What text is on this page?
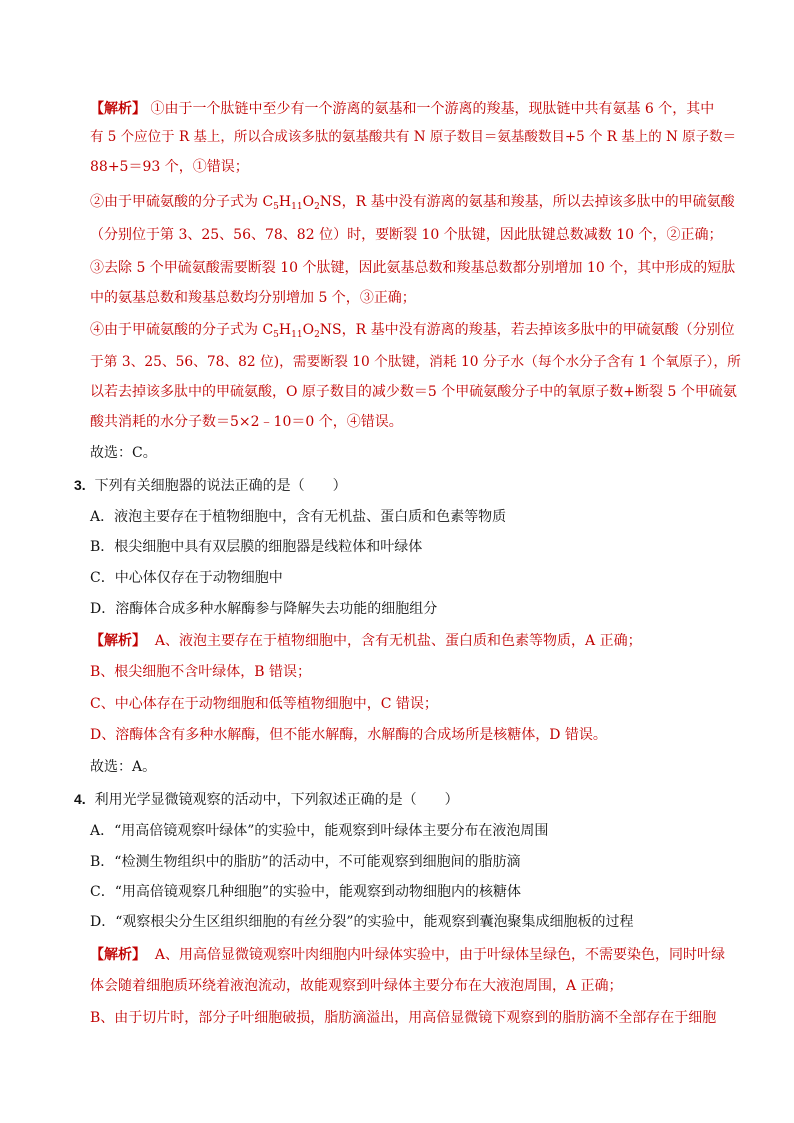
【解析】 ①由于一个肽链中至少有一个游离的氨基和一个游离的羧基，现肽链中共有氨基 6 个，其中
有 5 个应位于 R 基上，所以合成该多肽的氨基酸共有 N 原子数目＝氨基酸数目+5 个 R 基上的 N 原子数＝
88+5＝93 个，①错误；
②由于甲硫氨酸的分子式为 $C_5H_{11}O_2NS$，R 基中没有游离的氨基和羧基，所以去掉该多肽中的甲硫氨酸
（分别位于第 3、25、56、78、82 位）时，要断裂 10 个肽键，因此肽键总数减数 10 个，②正确；
③去除 5 个甲硫氨酸需要断裂 10 个肽键，因此氨基总数和羧基总数都分别增加 10 个，其中形成的短肽
中的氨基总数和羧基总数均分别增加 5 个，③正确；
④由于甲硫氨酸的分子式为 $C_5H_{11}O_2NS$，R 基中没有游离的羧基，若去掉该多肽中的甲硫氨酸（分别位
于第 3、25、56、78、82 位)，需要断裂 10 个肽键，消耗 10 分子水（每个水分子含有 1 个氧原子），所
以若去掉该多肽中的甲硫氨酸，O 原子数目的减少数＝5 个甲硫氨酸分子中的氧原子数+断裂 5 个甲硫氨
酸共消耗的水分子数＝5×2﹣10＝0 个，④错误。
故选：C。
3. 下列有关细胞器的说法正确的是（　　）
A．液泡主要存在于植物细胞中，含有无机盐、蛋白质和色素等物质
B．根尖细胞中具有双层膜的细胞器是线粒体和叶绿体
C．中心体仅存在于动物细胞中
D．溶酶体合成多种水解酶参与降解失去功能的细胞组分
【解析】 A、液泡主要存在于植物细胞中，含有无机盐、蛋白质和色素等物质，A 正确；
B、根尖细胞不含叶绿体，B 错误；
C、中心体存在于动物细胞和低等植物细胞中，C 错误；
D、溶酶体含有多种水解酶，但不能水解酶，水解酶的合成场所是核糖体，D 错误。
故选：A。
4. 利用光学显微镜观察的活动中，下列叙述正确的是（　　）
A．“用高倍镜观察叶绿体”的实验中，能观察到叶绿体主要分布在液泡周围
B．“检测生物组织中的脂肪”的活动中，不可能观察到细胞间的脂肪滴
C．“用高倍镜观察几种细胞”的实验中，能观察到动物细胞内的核糖体
D．“观察根尖分生区组织细胞的有丝分裂”的实验中，能观察到囊泡聚集成细胞板的过程
【解析】 A、用高倍显微镜观察叶肉细胞内叶绿体实验中，由于叶绿体呈绿色，不需要染色，同时叶绿
体会随着细胞质环绕着液泡流动，故能观察到叶绿体主要分布在大液泡周围，A 正确；
B、由于切片时，部分子叶细胞破损，脂肪滴溢出，用高倍显微镜下观察到的脂肪滴不全部存在于细胞
